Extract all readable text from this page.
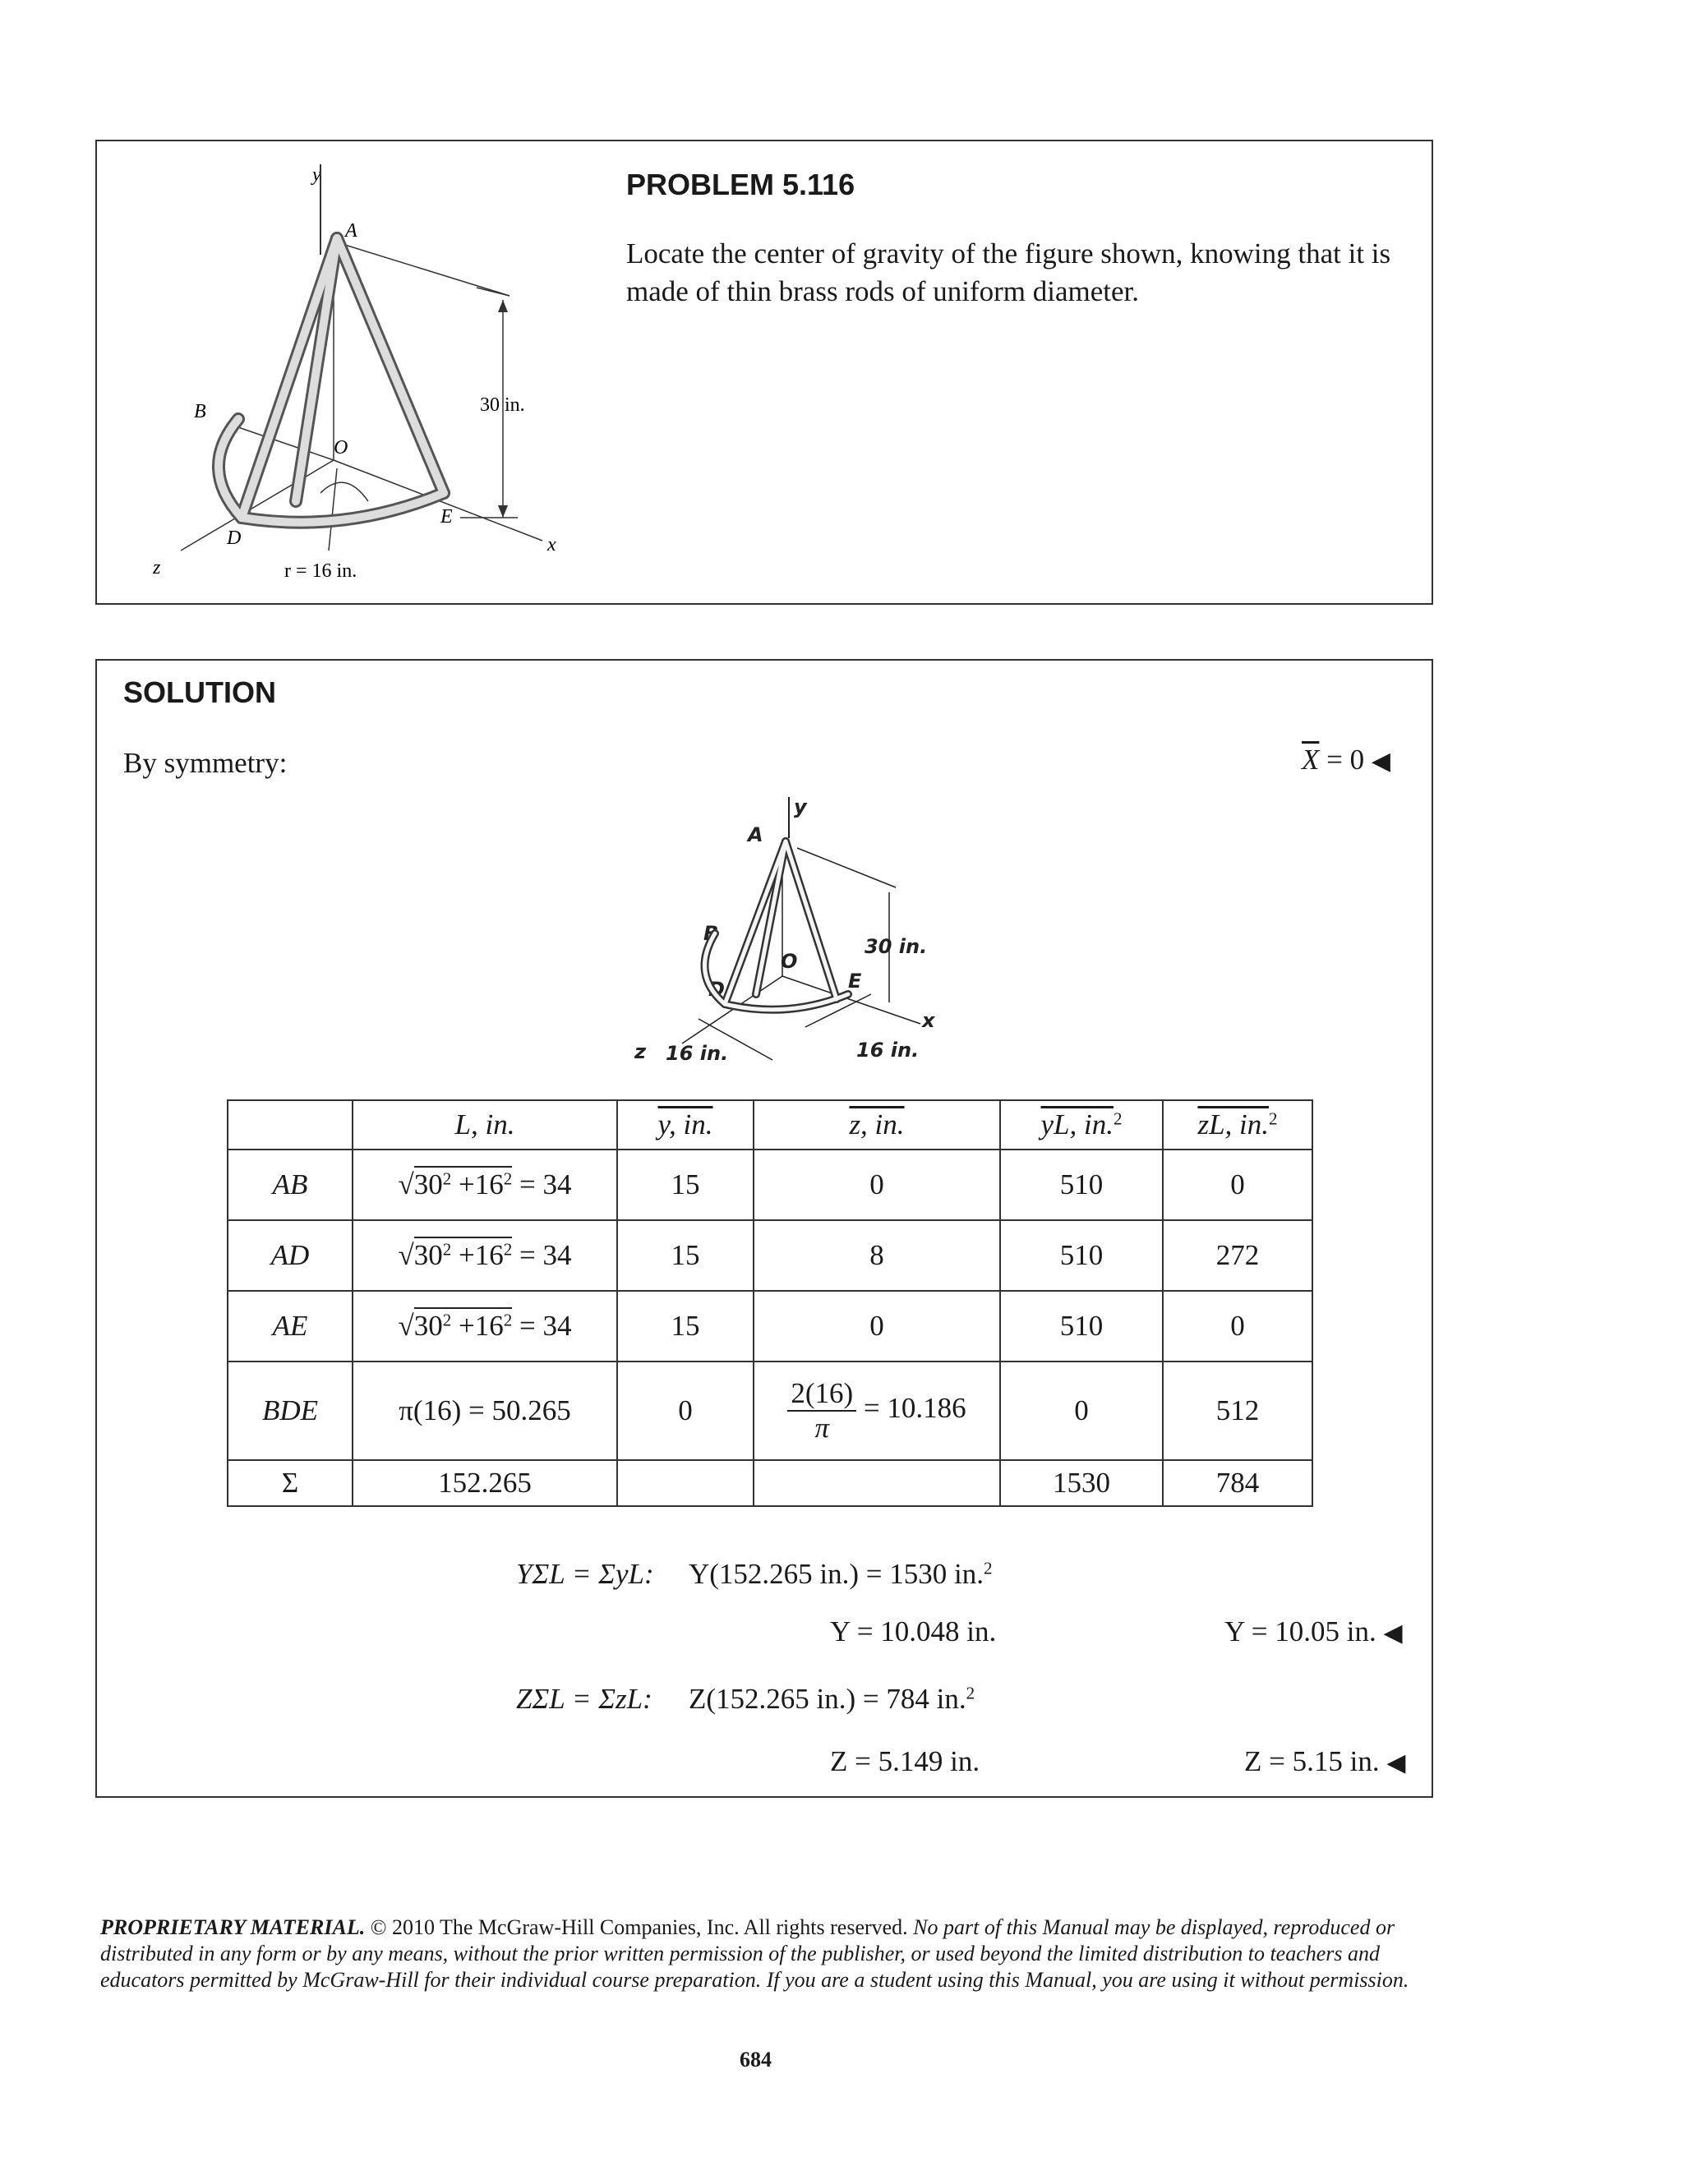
y
A
B
O
D
E
x
z
30 in.
r = 16 in.
PROBLEM 5.116
Locate the center of gravity of the figure shown, knowing that it is
made of thin brass rods of uniform diameter.
SOLUTION
By symmetry:	$\overline{X} = 0$ ◀
y
A
B
O
D	E
x
z
30 in.
16 in.	16 in.
	L, in.	y, in.	z, in.	yL, in.$^2$	zL, in.$^2$
AB	$√30^2 +16^2 = 34$	15	0	510	0
AD	$√30^2 +16^2 = 34$	15	8	510	272
AE	$√30^2 +16^2 = 34$	15	0	510	0
BDE	π(16) = 50.265	0	$\frac{2(16)}{\pi} = 10.186$	0	512
Σ	152.265			1530	784
YΣL = ΣyL: Y(152.265 in.) = 1530 in.$^2$
Y = 10.048 in.	Y = 10.05 in. ◀
ZΣL = ΣzL: Z(152.265 in.) = 784 in.$^2$
Z = 5.149 in.	Z = 5.15 in. ◀
PROPRIETARY MATERIAL. © 2010 The McGraw-Hill Companies, Inc. All rights reserved. No part of this Manual may be displayed, reproduced or distributed in any form or by any means, without the prior written permission of the publisher, or used beyond the limited distribution to teachers and educators permitted by McGraw-Hill for their individual course preparation. If you are a student using this Manual, you are using it without permission.
684
